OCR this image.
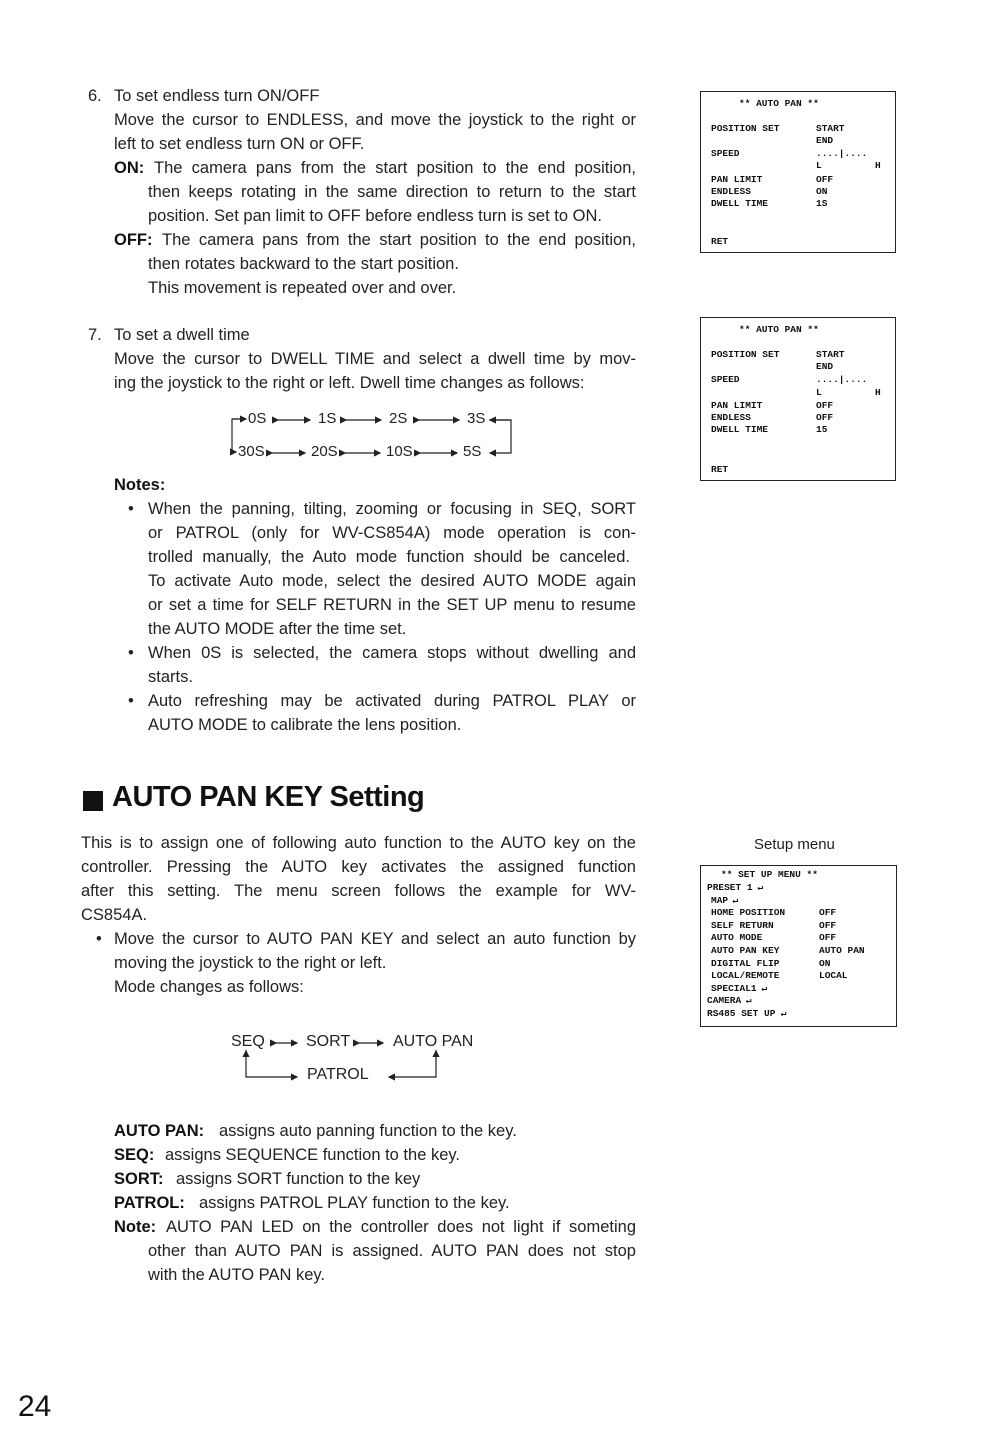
6. To set endless turn ON/OFF
Move the cursor to ENDLESS, and move the joystick to the right or
left to set endless turn ON or OFF.
ON: The camera pans from the start position to the end position,
then keeps rotating in the same direction to return to the start
position. Set pan limit to OFF before endless turn is set to ON.
OFF: The camera pans from the start position to the end position,
then rotates backward to the start position.
This movement is repeated over and over.
** AUTO PAN **
POSITION SET	START
END
SPEED	....|....
L	H
PAN LIMIT	OFF
ENDLESS	ON
DWELL TIME	1S
RET
7. To set a dwell time
Move the cursor to DWELL TIME and select a dwell time by mov-
ing the joystick to the right or left. Dwell time changes as follows:
0S	1S	2S	3S
30S	20S	10S	5S
** AUTO PAN **
POSITION SET	START
END
SPEED	....|....
L	H
PAN LIMIT	OFF
ENDLESS	OFF
DWELL TIME	15
RET
Notes:
• When the panning, tilting, zooming or focusing in SEQ, SORT
or PATROL (only for WV-CS854A) mode operation is con-
trolled manually, the Auto mode function should be canceled.
To activate Auto mode, select the desired AUTO MODE again
or set a time for SELF RETURN in the SET UP menu to resume
the AUTO MODE after the time set.
• When 0S is selected, the camera stops without dwelling and
starts.
• Auto refreshing may be activated during PATROL PLAY or
AUTO MODE to calibrate the lens position.
AUTO PAN KEY Setting
This is to assign one of following auto function to the AUTO key on the
controller. Pressing the AUTO key activates the assigned function
after this setting. The menu screen follows the example for WV-
CS854A.
• Move the cursor to AUTO PAN KEY and select an auto function by
moving the joystick to the right or left.
Mode changes as follows:
SEQ	SORT	AUTO PAN
PATROL
AUTO PAN: assigns auto panning function to the key.
SEQ: assigns SEQUENCE function to the key.
SORT: assigns SORT function to the key
PATROL: assigns PATROL PLAY function to the key.
Note: AUTO PAN LED on the controller does not light if someting
other than AUTO PAN is assigned. AUTO PAN does not stop
with the AUTO PAN key.
Setup menu
** SET UP MENU **
PRESET 1 ↵
MAP ↵
HOME POSITION	OFF
SELF RETURN	OFF
AUTO MODE	OFF
AUTO PAN KEY	AUTO PAN
DIGITAL FLIP	ON
LOCAL/REMOTE	LOCAL
SPECIAL1 ↵
CAMERA ↵
RS485 SET UP ↵
24
